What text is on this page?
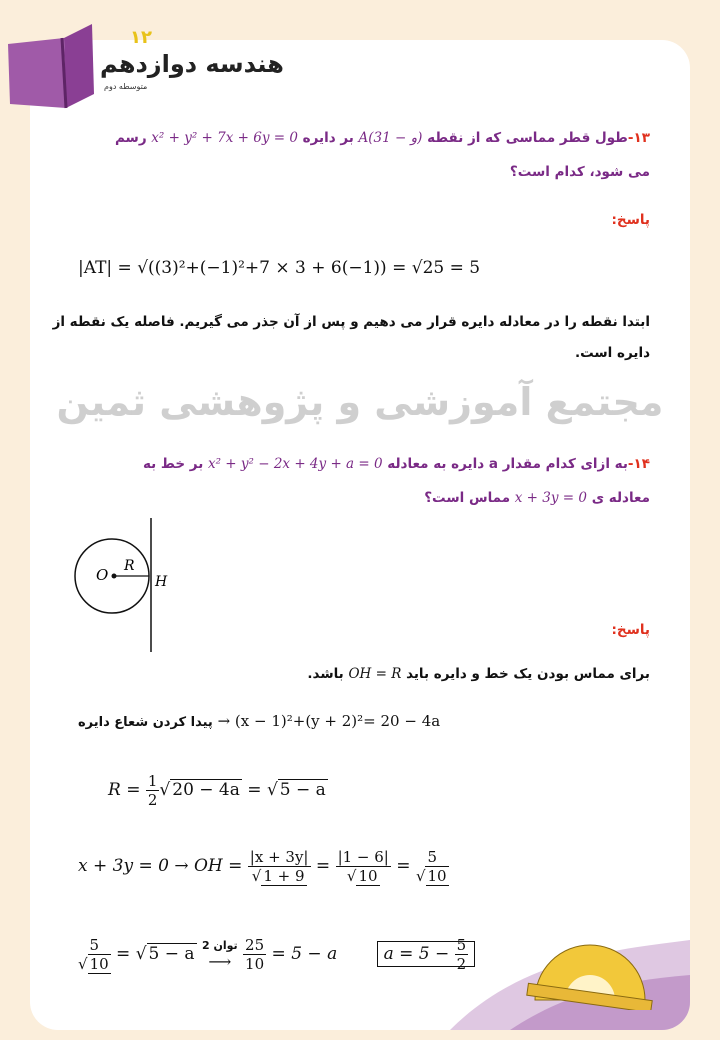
مجتمع آموزشی و پژوهشی ثمین
۱۳-طول قطر مماسی که از نقطه A(3و − 1) بر دایره x² + y² + 7x + 6y = 0 رسم
می شود، کدام است؟
پاسخ:
|AT| = √((3)²+(−1)²+7 × 3 + 6(−1)) = √25 = 5
ابتدا نقطه را در معادله دایره قرار می دهیم و پس از آن جذر می گیریم. فاصله یک نقطه از
دایره است.
۱۴-به ازای کدام مقدار a دایره به معادله x² + y² − 2x + 4y + a = 0 بر خط به
معادله ی x + 3y = 0 مماس است؟
O R
H
پاسخ:
برای مماس بودن یک خط و دایره باید OH = R باشد.
پیدا کردن شعاع دایره → (x − 1)²+(y + 2)²= 20 − 4a
$R = \frac{1}{2}$ √ 20 − 4a = √ 5 − a
x + 3y = 0 → OH = $\frac{|x + 3y|}{√ 1 + 9} = \frac{|1 - 6|}{√ 10} = \frac{5}{√ 10}$
$\frac{5}{√ 10}$ = √ 5 − a توان 2
⟶
$\frac{25}{10} = 5 - a$	$a = 5 - \frac{5}{2}$
۱۲
هندسه دوازدهم
متوسطه دوم
